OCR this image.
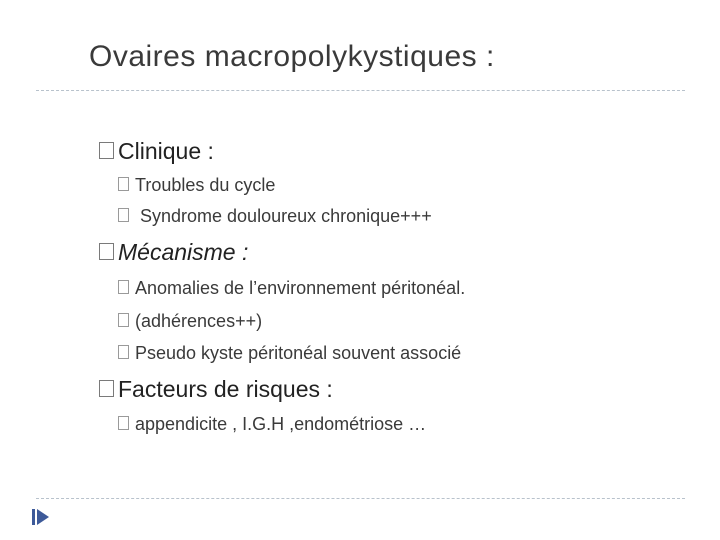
Ovaires macropolykystiques :
Clinique :
Troubles du cycle
Syndrome douloureux chronique+++
Mécanisme :
Anomalies de l’environnement péritonéal.
(adhérences++)
Pseudo kyste péritonéal souvent associé
Facteurs de risques :
appendicite , I.G.H ,endométriose …
